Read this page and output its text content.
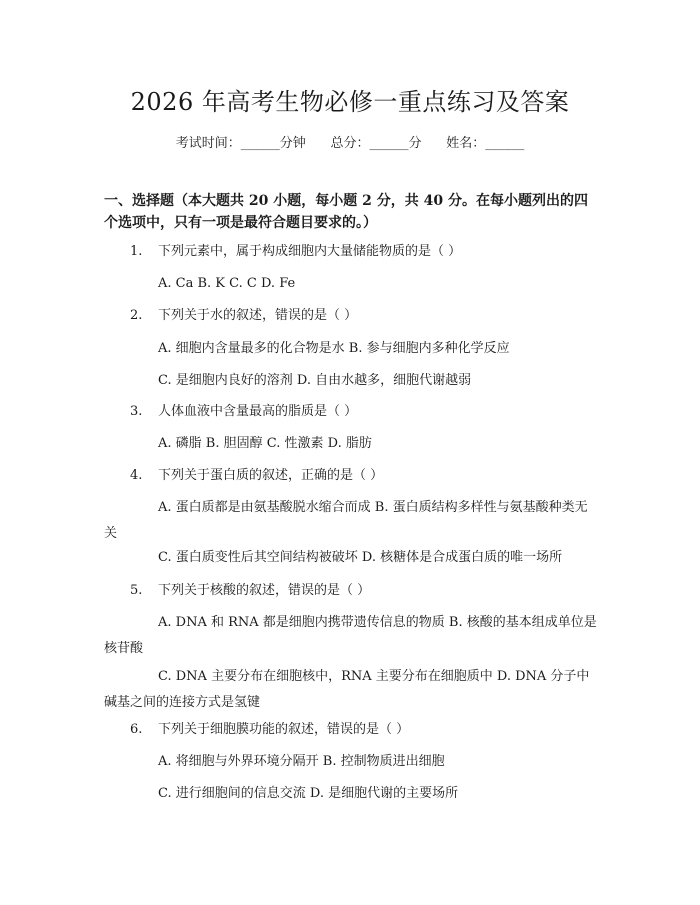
2026 年高考生物必修一重点练习及答案
考试时间：______分钟      总分：______分      姓名：______

一、选择题（本大题共 20 小题，每小题 2 分，共 40 分。在每小题列出的四个选项中，只有一项是最符合题目要求的。）

1. 下列元素中，属于构成细胞内大量储能物质的是（ ）
A. Ca B. K C. C D. Fe
2. 下列关于水的叙述，错误的是（ ）
A. 细胞内含量最多的化合物是水 B. 参与细胞内多种化学反应
C. 是细胞内良好的溶剂 D. 自由水越多，细胞代谢越弱
3. 人体血液中含量最高的脂质是（ ）
A. 磷脂 B. 胆固醇 C. 性激素 D. 脂肪
4. 下列关于蛋白质的叙述，正确的是（ ）

A. 蛋白质都是由氨基酸脱水缩合而成 B. 蛋白质结构多样性与氨基酸种类无关

C. 蛋白质变性后其空间结构被破坏 D. 核糖体是合成蛋白质的唯一场所
5. 下列关于核酸的叙述，错误的是（ ）

A. DNA 和 RNA 都是细胞内携带遗传信息的物质 B. 核酸的基本组成单位是核苷酸

C. DNA 主要分布在细胞核中，RNA 主要分布在细胞质中 D. DNA 分子中碱基之间的连接方式是氢键

6. 下列关于细胞膜功能的叙述，错误的是（ ）
A. 将细胞与外界环境分隔开 B. 控制物质进出细胞
C. 进行细胞间的信息交流 D. 是细胞代谢的主要场所
